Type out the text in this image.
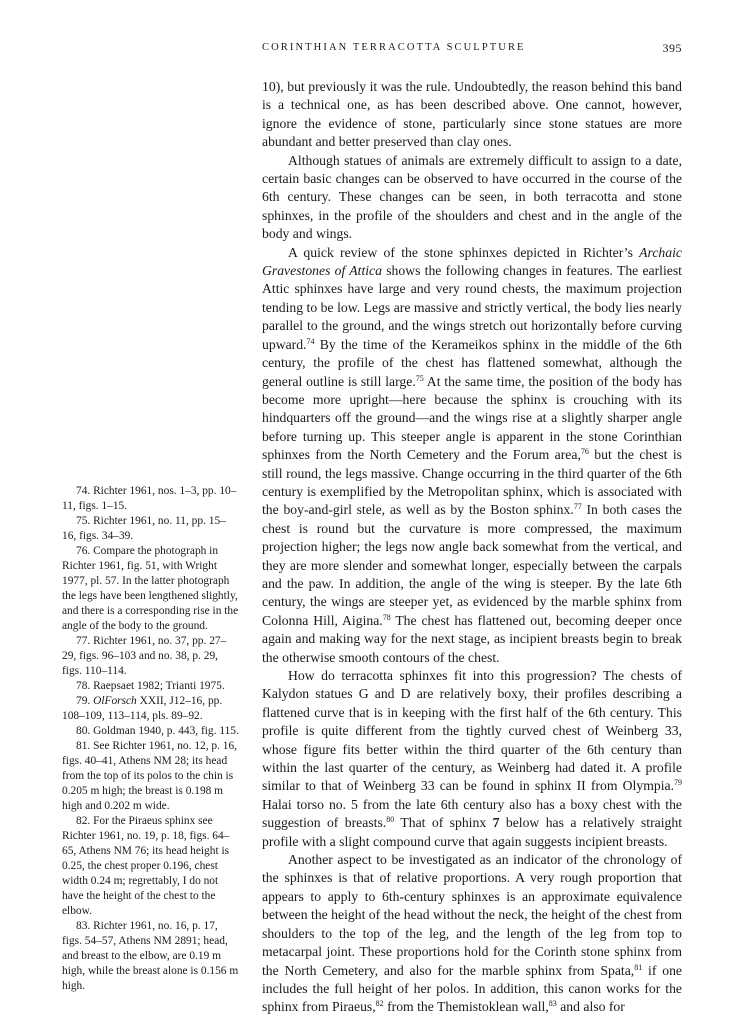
CORINTHIAN TERRACOTTA SCULPTURE	395

10), but previously it was the rule. Undoubtedly, the reason behind this band is a technical one, as has been described above. One cannot, however, ignore the evidence of stone, particularly since stone statues are more abundant and better preserved than clay ones.

Although statues of animals are extremely difficult to assign to a date, certain basic changes can be observed to have occurred in the course of the 6th century. These changes can be seen, in both terracotta and stone sphinxes, in the profile of the shoulders and chest and in the angle of the body and wings.

A quick review of the stone sphinxes depicted in Richter’s Archaic Gravestones of Attica shows the following changes in features. The earliest Attic sphinxes have large and very round chests, the maximum projection tending to be low. Legs are massive and strictly vertical, the body lies nearly parallel to the ground, and the wings stretch out horizontally before curving upward.$^{74}$ By the time of the Kerameikos sphinx in the middle of the 6th century, the profile of the chest has flattened somewhat, although the general outline is still large.$^{75}$ At the same time, the position of the body has become more upright—here because the sphinx is crouching with its hindquarters off the ground—and the wings rise at a slightly sharper angle before turning up. This steeper angle is apparent in the stone Corinthian sphinxes from the North Cemetery and the Forum area,$^{76}$ but the chest is still round, the legs massive. Change occurring in the third quarter of the 6th century is exemplified by the Metropolitan sphinx, which is associated with the boy-and-girl stele, as well as by the Boston sphinx.$^{77}$ In both cases the chest is round but the curvature is more compressed, the maximum projection higher; the legs now angle back somewhat from the vertical, and they are more slender and somewhat longer, especially between the carpals and the paw. In addition, the angle of the wing is steeper. By the late 6th century, the wings are steeper yet, as evidenced by the marble sphinx from Colonna Hill, Aigina.$^{78}$ The chest has flattened out, becoming deeper once again and making way for the next stage, as incipient breasts begin to break the otherwise smooth contours of the chest.

How do terracotta sphinxes fit into this progression? The chests of Kalydon statues G and D are relatively boxy, their profiles describing a flattened curve that is in keeping with the first half of the 6th century. This profile is quite different from the tightly curved chest of Weinberg 33, whose figure fits better within the third quarter of the 6th century than within the last quarter of the century, as Weinberg had dated it. A profile similar to that of Weinberg 33 can be found in sphinx II from Olympia.$^{79}$ Halai torso no. 5 from the late 6th century also has a boxy chest with the suggestion of breasts.$^{80}$ That of sphinx 7 below has a relatively straight profile with a slight compound curve that again suggests incipient breasts.

Another aspect to be investigated as an indicator of the chronology of the sphinxes is that of relative proportions. A very rough proportion that appears to apply to 6th-century sphinxes is an approximate equivalence between the height of the head without the neck, the height of the chest from shoulders to the top of the leg, and the length of the leg from top to metacarpal joint. These proportions hold for the Corinth stone sphinx from the North Cemetery, and also for the marble sphinx from Spata,$^{81}$ if one includes the full height of her polos. In addition, this canon works for the sphinx from Piraeus,$^{82}$ from the Themistoklean wall,$^{83}$ and also for

74. Richter 1961, nos. 1–3, pp. 10–11, figs. 1–15.

75. Richter 1961, no. 11, pp. 15–16, figs. 34–39.

76. Compare the photograph in Richter 1961, fig. 51, with Wright 1977, pl. 57. In the latter photograph the legs have been lengthened slightly, and there is a corresponding rise in the angle of the body to the ground.

77. Richter 1961, no. 37, pp. 27–29, figs. 96–103 and no. 38, p. 29, figs. 110–114.

78. Raepsaet 1982; Trianti 1975.

79. OlForsch XXII, J12–16, pp. 108–109, 113–114, pls. 89–92.

80. Goldman 1940, p. 443, fig. 115.

81. See Richter 1961, no. 12, p. 16, figs. 40–41, Athens NM 28; its head from the top of its polos to the chin is 0.205 m high; the breast is 0.198 m high and 0.202 m wide.

82. For the Piraeus sphinx see Richter 1961, no. 19, p. 18, figs. 64–65, Athens NM 76; its head height is 0.25, the chest proper 0.196, chest width 0.24 m; regrettably, I do not have the height of the chest to the elbow.

83. Richter 1961, no. 16, p. 17, figs. 54–57, Athens NM 2891; head, and breast to the elbow, are 0.19 m high, while the breast alone is 0.156 m high.
